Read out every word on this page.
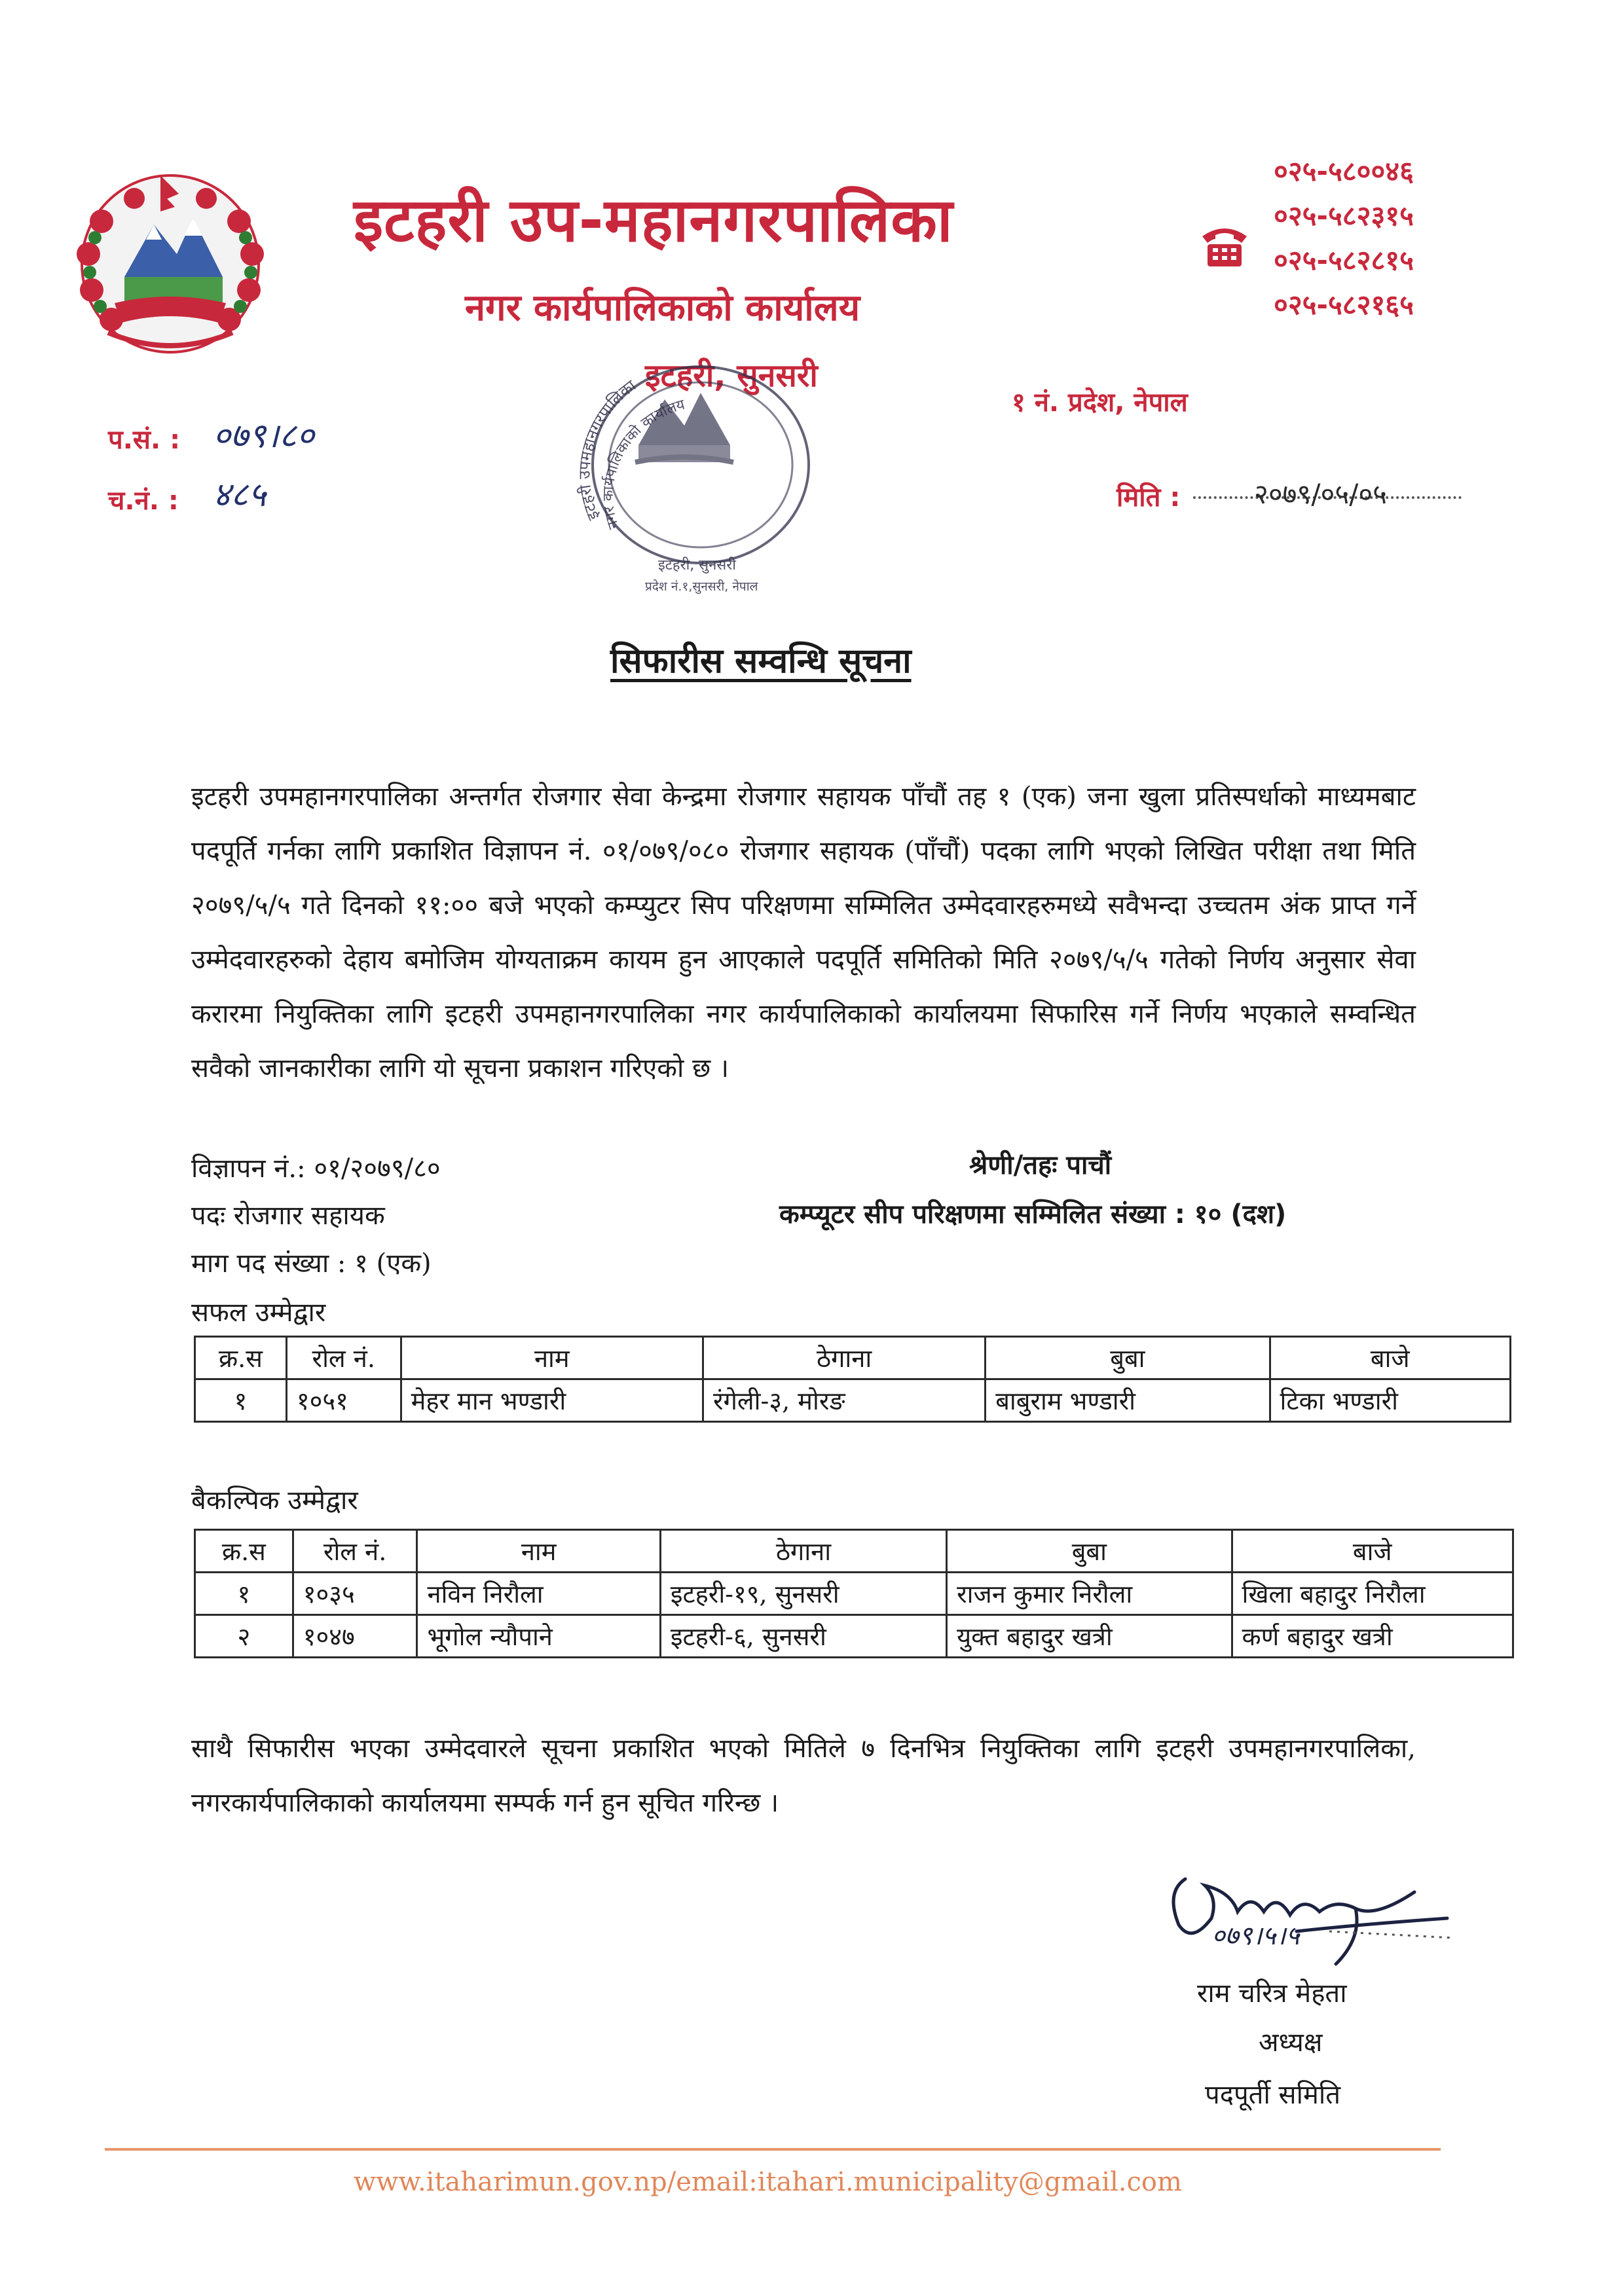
इटहरी उप-महानगरपालिका
नगर कार्यपालिकाको कार्यालय
इटहरी, सुनसरी
०२५-५८००४६
०२५-५८२३१५
०२५-५८२८१५
०२५-५८२१६५
१ नं. प्रदेश, नेपाल
प.सं. : ०७९।८०
च.नं. : ४८५	मिति :	२०७९/०५/०५
इटहरी उपमहानगरपालिका
नगर कार्यपालिकाको कार्यालय
इटहरी, सुनसरी
प्रदेश नं.१,सुनसरी, नेपाल
सिफारीस सम्वन्धि सूचना
इटहरी उपमहानगरपालिका अन्तर्गत रोजगार सेवा केन्द्रमा रोजगार सहायक पाँचौं तह १ (एक) जना खुला प्रतिस्पर्धाको माध्यमबाट पदपूर्ति गर्नका लागि प्रकाशित विज्ञापन नं. ०१/०७९/०८० रोजगार सहायक (पाँचौं) पदका लागि भएको लिखित परीक्षा तथा मिति २०७९/५/५ गते दिनको ११:०० बजे भएको कम्प्युटर सिप परिक्षणमा सम्मिलित उम्मेदवारहरुमध्ये सवैभन्दा उच्चतम अंक प्राप्त गर्ने उम्मेदवारहरुको देहाय बमोजिम योग्यताक्रम कायम हुन आएकाले पदपूर्ति समितिको मिति २०७९/५/५ गतेको निर्णय अनुसार सेवा करारमा नियुक्तिका लागि इटहरी उपमहानगरपालिका नगर कार्यपालिकाको कार्यालयमा सिफारिस गर्ने निर्णय भएकाले सम्वन्धित सवैको जानकारीका लागि यो सूचना प्रकाशन गरिएको छ ।
विज्ञापन नं.: ०१/२०७९/८०	श्रेणी/तहः पाचौं
पदः रोजगार सहायक	कम्प्यूटर सीप परिक्षणमा सम्मिलित संख्या : १० (दश)
माग पद संख्या : १ (एक)
सफल उम्मेद्वार
क्र.स	रोल नं.	नाम	ठेगाना	बुबा	बाजे
१	१०५१	मेहर मान भण्डारी	रंगेली-३, मोरङ	बाबुराम भण्डारी	टिका भण्डारी
बैकल्पिक उम्मेद्वार
क्र.स	रोल नं.	नाम	ठेगाना	बुबा	बाजे
१	१०३५	नविन निरौला	इटहरी-१९, सुनसरी	राजन कुमार निरौला	खिला बहादुर निरौला
२	१०४७	भूगोल न्यौपाने	इटहरी-६, सुनसरी	युक्त बहादुर खत्री	कर्ण बहादुर खत्री
साथै सिफारीस भएका उम्मेदवारले सूचना प्रकाशित भएको मितिले ७ दिनभित्र नियुक्तिका लागि इटहरी उपमहानगरपालिका, नगरकार्यपालिकाको कार्यालयमा सम्पर्क गर्न हुन सूचित गरिन्छ ।
०७९।५।५
राम चरित्र मेहता
अध्यक्ष
पदपूर्ती समिति
www.itaharimun.gov.np/email:itahari.municipality@gmail.com
